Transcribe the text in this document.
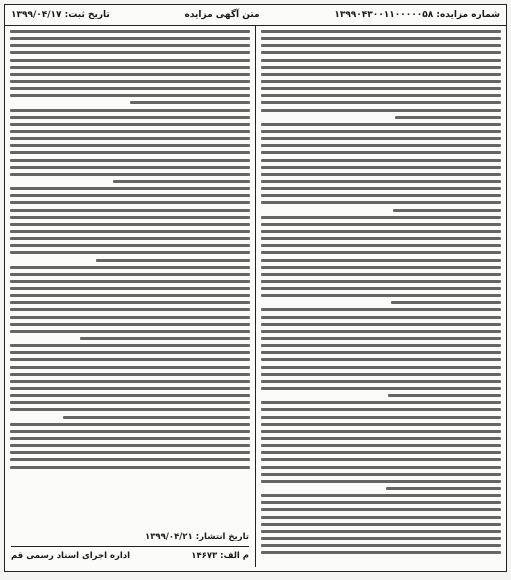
شماره مزایده: ۱۳۹۹۰۴۳۰۰۱۱۰۰۰۰۰۵۸
متن آگهی مزایده
تاریخ ثبت: ۱۳۹۹/۰۴/۱۷
تاریخ انتشار: ۱۳۹۹/۰۴/۲۱
م الف: ۱۴۶۷۳
اداره اجرای اسناد رسمی قم
